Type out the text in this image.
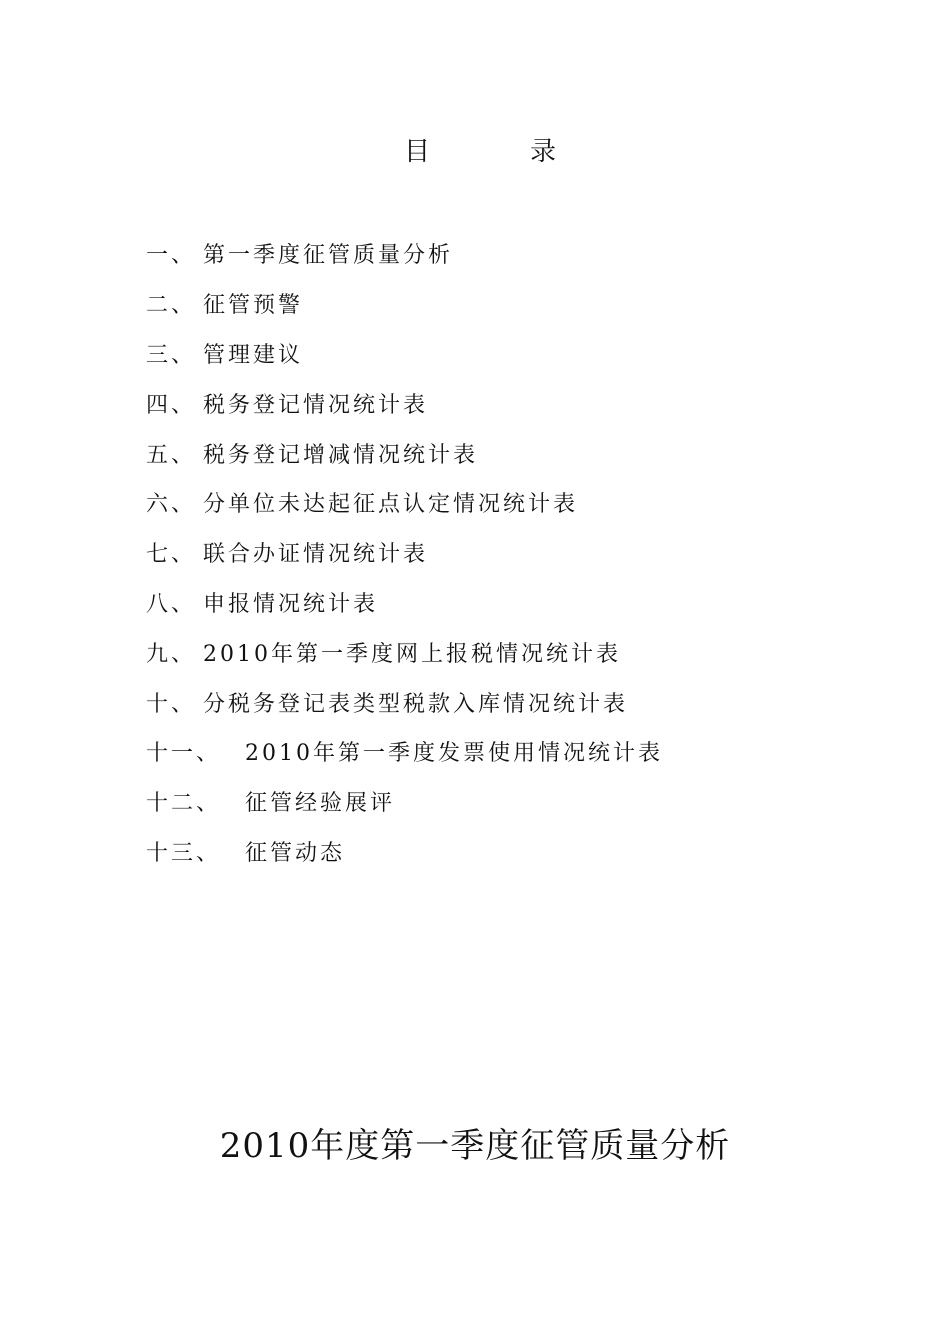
目	录
一、 第一季度征管质量分析
二、 征管预警
三、 管理建议
四、 税务登记情况统计表
五、 税务登记增减情况统计表
六、 分单位未达起征点认定情况统计表
七、 联合办证情况统计表
八、 申报情况统计表
九、 2010年第一季度网上报税情况统计表
十、 分税务登记表类型税款入库情况统计表
十一、	2010年第一季度发票使用情况统计表
十二、	征管经验展评
十三、	征管动态
2010年度第一季度征管质量分析
